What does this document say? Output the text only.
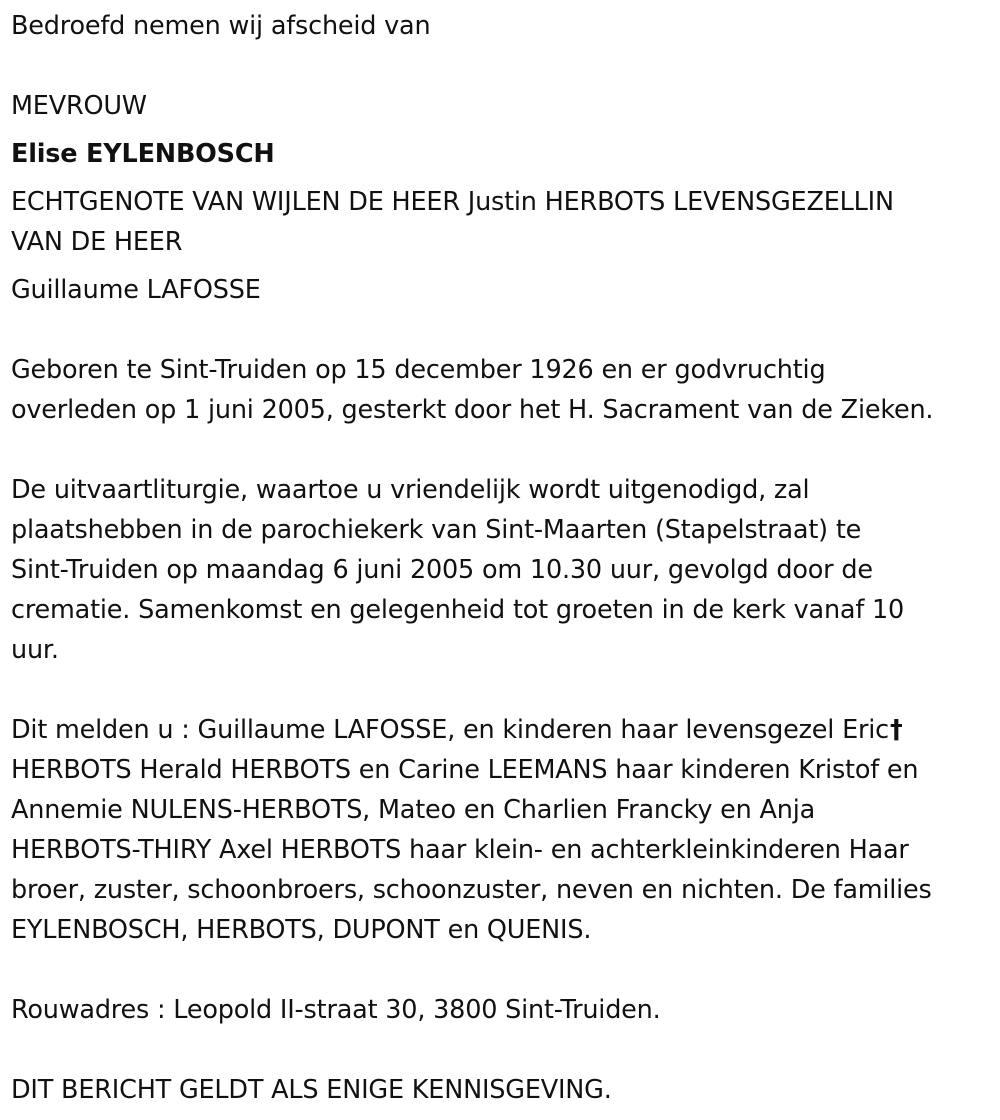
Bedroefd nemen wij afscheid van
MEVROUW
Elise EYLENBOSCH
ECHTGENOTE VAN WIJLEN DE HEER Justin HERBOTS LEVENSGEZELLIN
VAN DE HEER
Guillaume LAFOSSE
Geboren te Sint-Truiden op 15 december 1926 en er godvruchtig
overleden op 1 juni 2005, gesterkt door het H. Sacrament van de Zieken.
De uitvaartliturgie, waartoe u vriendelijk wordt uitgenodigd, zal
plaatshebben in de parochiekerk van Sint-Maarten (Stapelstraat) te
Sint-Truiden op maandag 6 juni 2005 om 10.30 uur, gevolgd door de
crematie. Samenkomst en gelegenheid tot groeten in de kerk vanaf 10
uur.
Dit melden u : Guillaume LAFOSSE, en kinderen haar levensgezel Eric†
HERBOTS Herald HERBOTS en Carine LEEMANS haar kinderen Kristof en
Annemie NULENS-HERBOTS, Mateo en Charlien Francky en Anja
HERBOTS-THIRY Axel HERBOTS haar klein- en achterkleinkinderen Haar
broer, zuster, schoonbroers, schoonzuster, neven en nichten. De families
EYLENBOSCH, HERBOTS, DUPONT en QUENIS.
Rouwadres : Leopold II-straat 30, 3800 Sint-Truiden.
DIT BERICHT GELDT ALS ENIGE KENNISGEVING.
